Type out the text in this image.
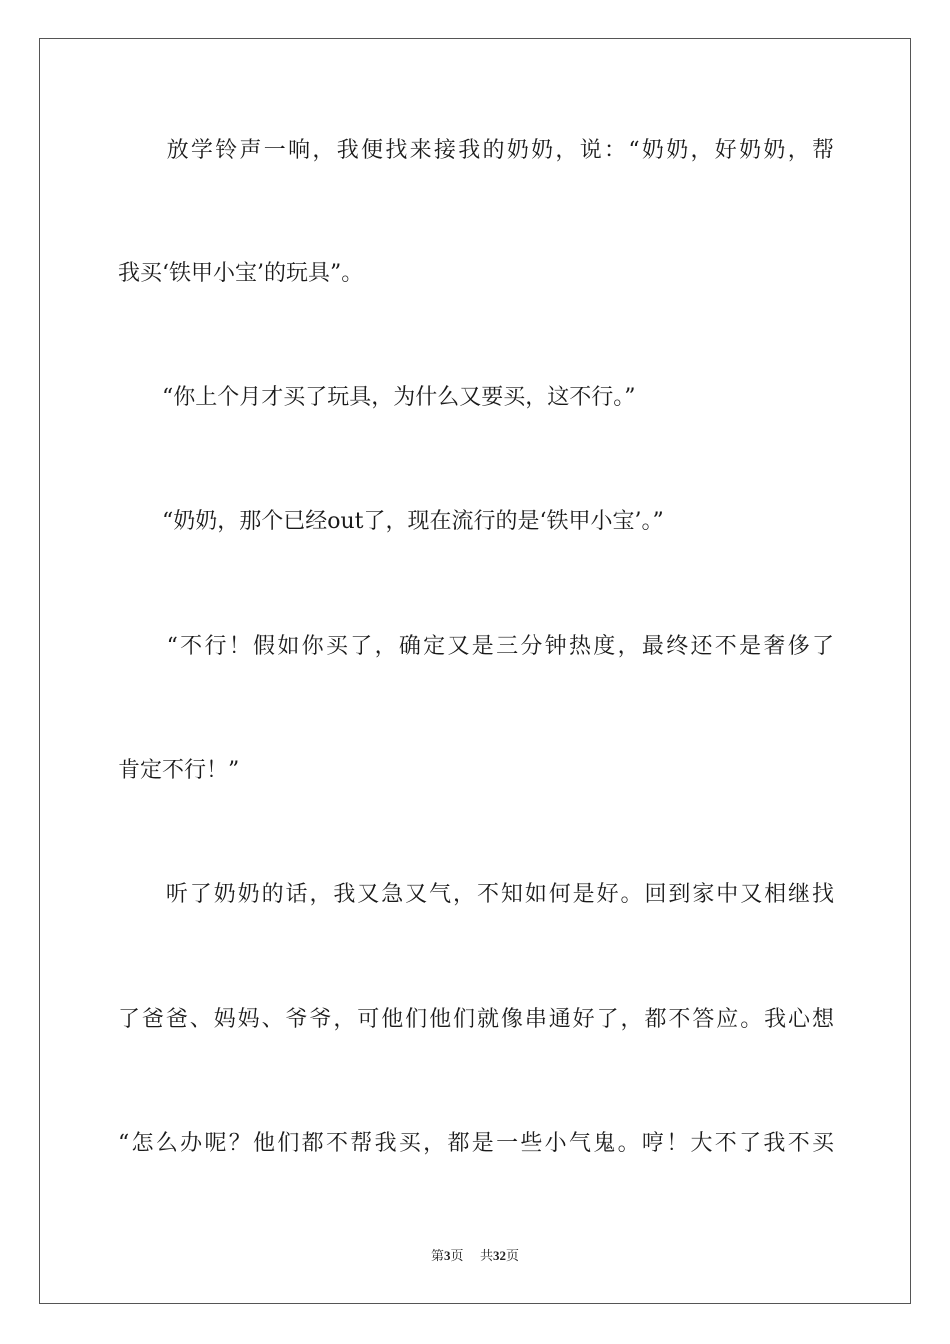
　　放学铃声一响，我便找来接我的奶奶，说：“奶奶，好奶奶，帮
我买‘铁甲小宝’的玩具”。
　　“你上个月才买了玩具，为什么又要买，这不行。”
　　“奶奶，那个已经out了，现在流行的是‘铁甲小宝’。”
　　“不行！假如你买了，确定又是三分钟热度，最终还不是奢侈了
肯定不行！”
　　听了奶奶的话，我又急又气，不知如何是好。回到家中又相继找
了爸爸、妈妈、爷爷，可他们他们就像串通好了，都不答应。我心想
“怎么办呢？他们都不帮我买，都是一些小气鬼。哼！大不了我不买
第3页 共32页
